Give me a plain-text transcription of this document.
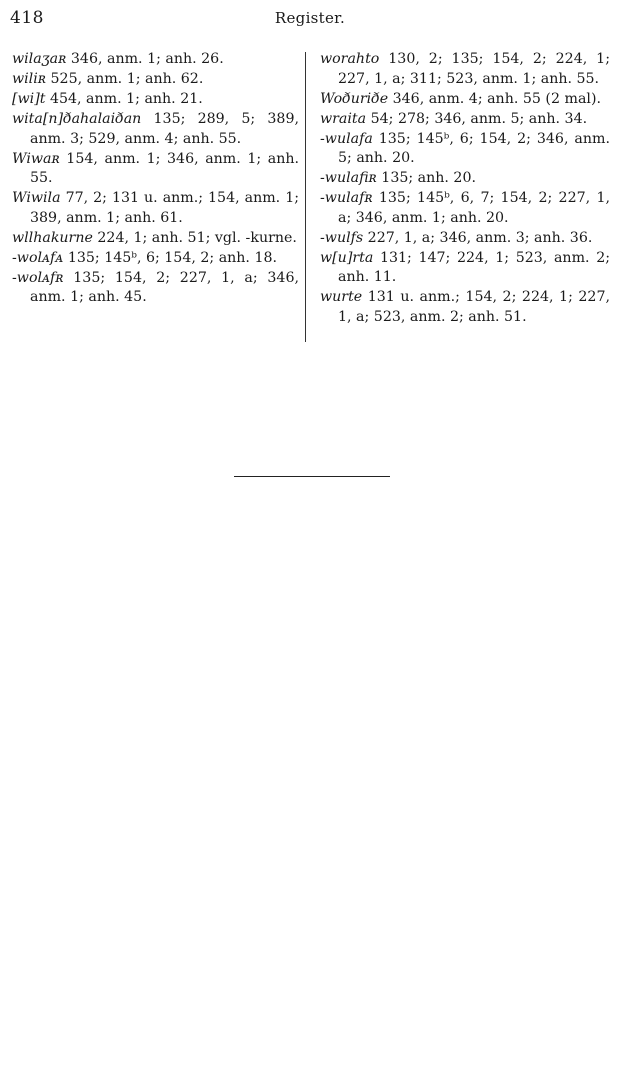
418	Register.

wilaʒaʀ 346, anm. 1; anh. 26.

wiliʀ 525, anm. 1; anh. 62.

[wi]t 454, anm. 1; anh. 21.

wita[n]ðahalaiðan 135; 289, 5; 389, anm. 3; 529, anm. 4; anh. 55.

Wiwaʀ 154, anm. 1; 346, anm. 1; anh. 55.

Wiwila 77, 2; 131 u. anm.; 154, anm. 1; 389, anm. 1; anh. 61.

wllhakurne 224, 1; anh. 51; vgl. -kurne.

-wolᴀfᴀ 135; 145ᵇ, 6; 154, 2; anh. 18.

-wolᴀfʀ 135; 154, 2; 227, 1, a; 346, anm. 1; anh. 45.

worahto 130, 2; 135; 154, 2; 224, 1; 227, 1, a; 311; 523, anm. 1; anh. 55.

Woðuriðe 346, anm. 4; anh. 55 (2 mal).

wraita 54; 278; 346, anm. 5; anh. 34.

-wulafa 135; 145ᵇ, 6; 154, 2; 346, anm. 5; anh. 20.

-wulafiʀ 135; anh. 20.

-wulafʀ 135; 145ᵇ, 6, 7; 154, 2; 227, 1, a; 346, anm. 1; anh. 20.

-wulfs 227, 1, a; 346, anm. 3; anh. 36.

w[u]rta 131; 147; 224, 1; 523, anm. 2; anh. 11.

wurte 131 u. anm.; 154, 2; 224, 1; 227, 1, a; 523, anm. 2; anh. 51.
